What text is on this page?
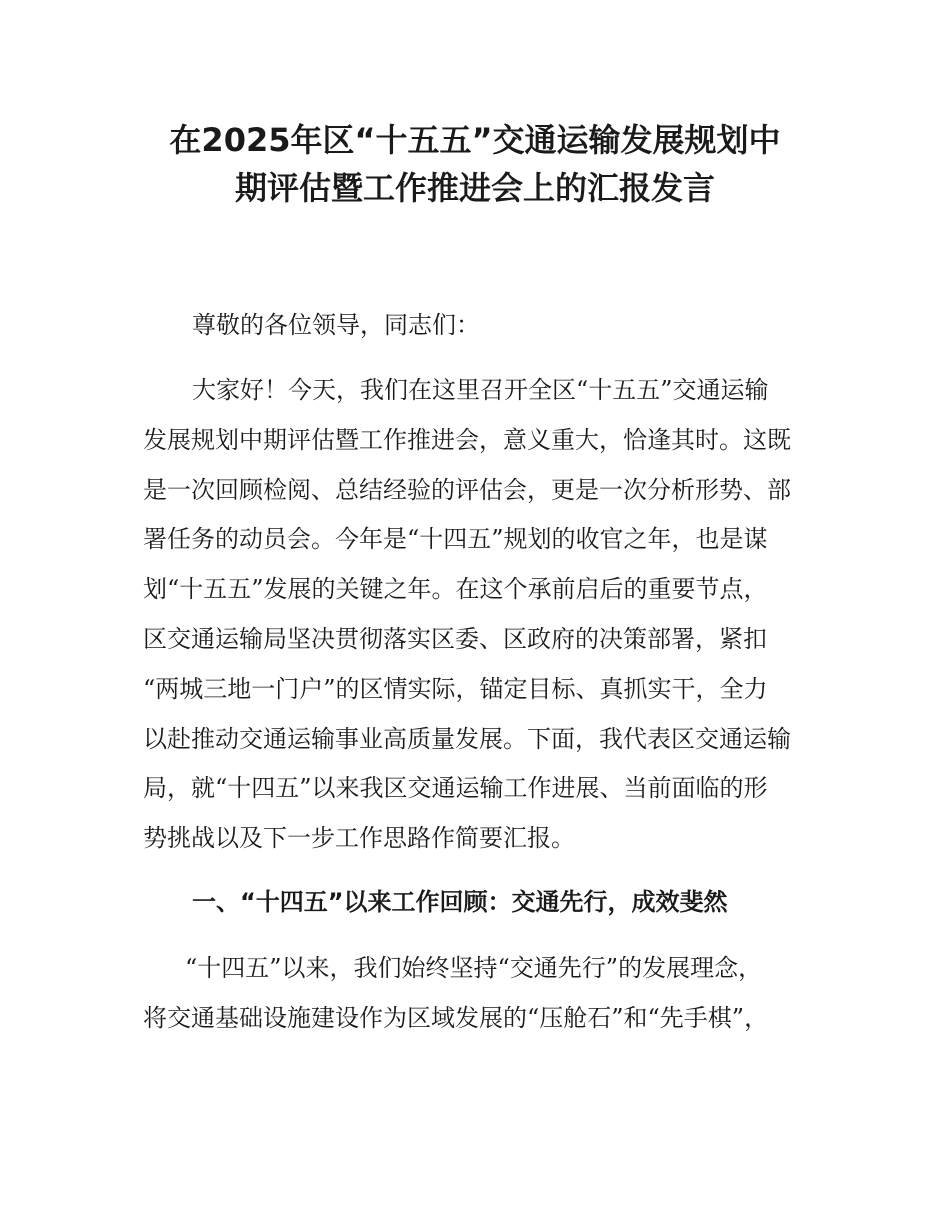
在2025年区“十五五”交通运输发展规划中
期评估暨工作推进会上的汇报发言

尊敬的各位领导，同志们：

大家好！今天，我们在这里召开全区“十五五”交通运输

发展规划中期评估暨工作推进会，意义重大，恰逢其时。这既

是一次回顾检阅、总结经验的评估会，更是一次分析形势、部

署任务的动员会。今年是“十四五”规划的收官之年，也是谋

划“十五五”发展的关键之年。在这个承前启后的重要节点，

区交通运输局坚决贯彻落实区委、区政府的决策部署，紧扣

“两城三地一门户”的区情实际，锚定目标、真抓实干，全力

以赴推动交通运输事业高质量发展。下面，我代表区交通运输

局，就“十四五”以来我区交通运输工作进展、当前面临的形

势挑战以及下一步工作思路作简要汇报。

一、“十四五”以来工作回顾：交通先行，成效斐然

“十四五”以来，我们始终坚持“交通先行”的发展理念，

将交通基础设施建设作为区域发展的“压舱石”和“先手棋”，
